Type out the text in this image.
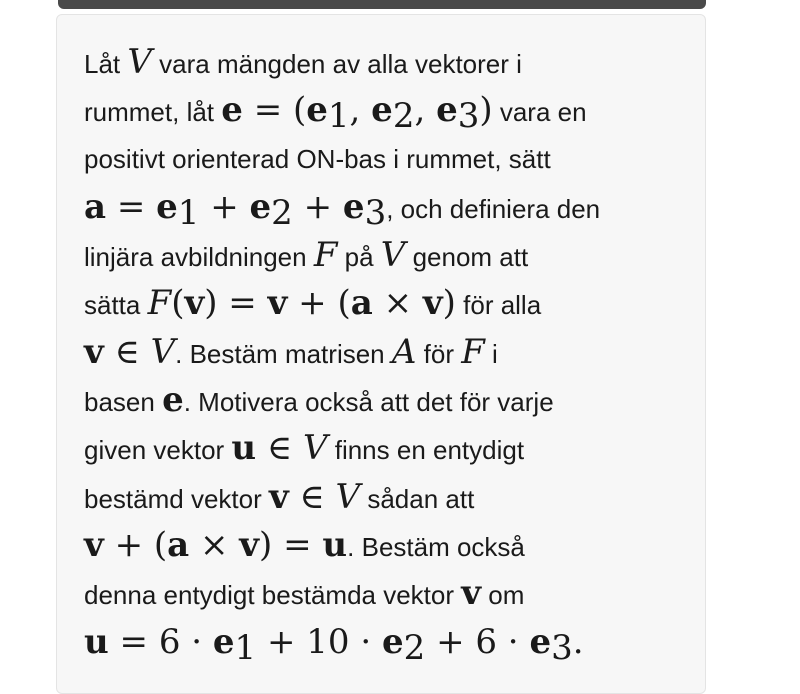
Låt V vara mängden av alla vektorer i
rummet, låt $e = (e_1$, $e_2$, $e_3$) vara en
positivt orienterad ON-bas i rummet, sätt
$a = e_1 + e_2 + e_3$, och definiera den
linjära avbildningen F på V genom att
sätta F(v) = v + (a × v) för alla
v ∈ V. Bestäm matrisen A för F i
basen e. Motivera också att det för varje
given vektor u ∈ V finns en entydigt
bestämd vektor v ∈ V sådan att
v + (a × v) = u. Bestäm också
denna entydigt bestämda vektor v om
$u = 6 \cdot e_1 + 10 \cdot e_2 + 6 \cdot e_3$.
